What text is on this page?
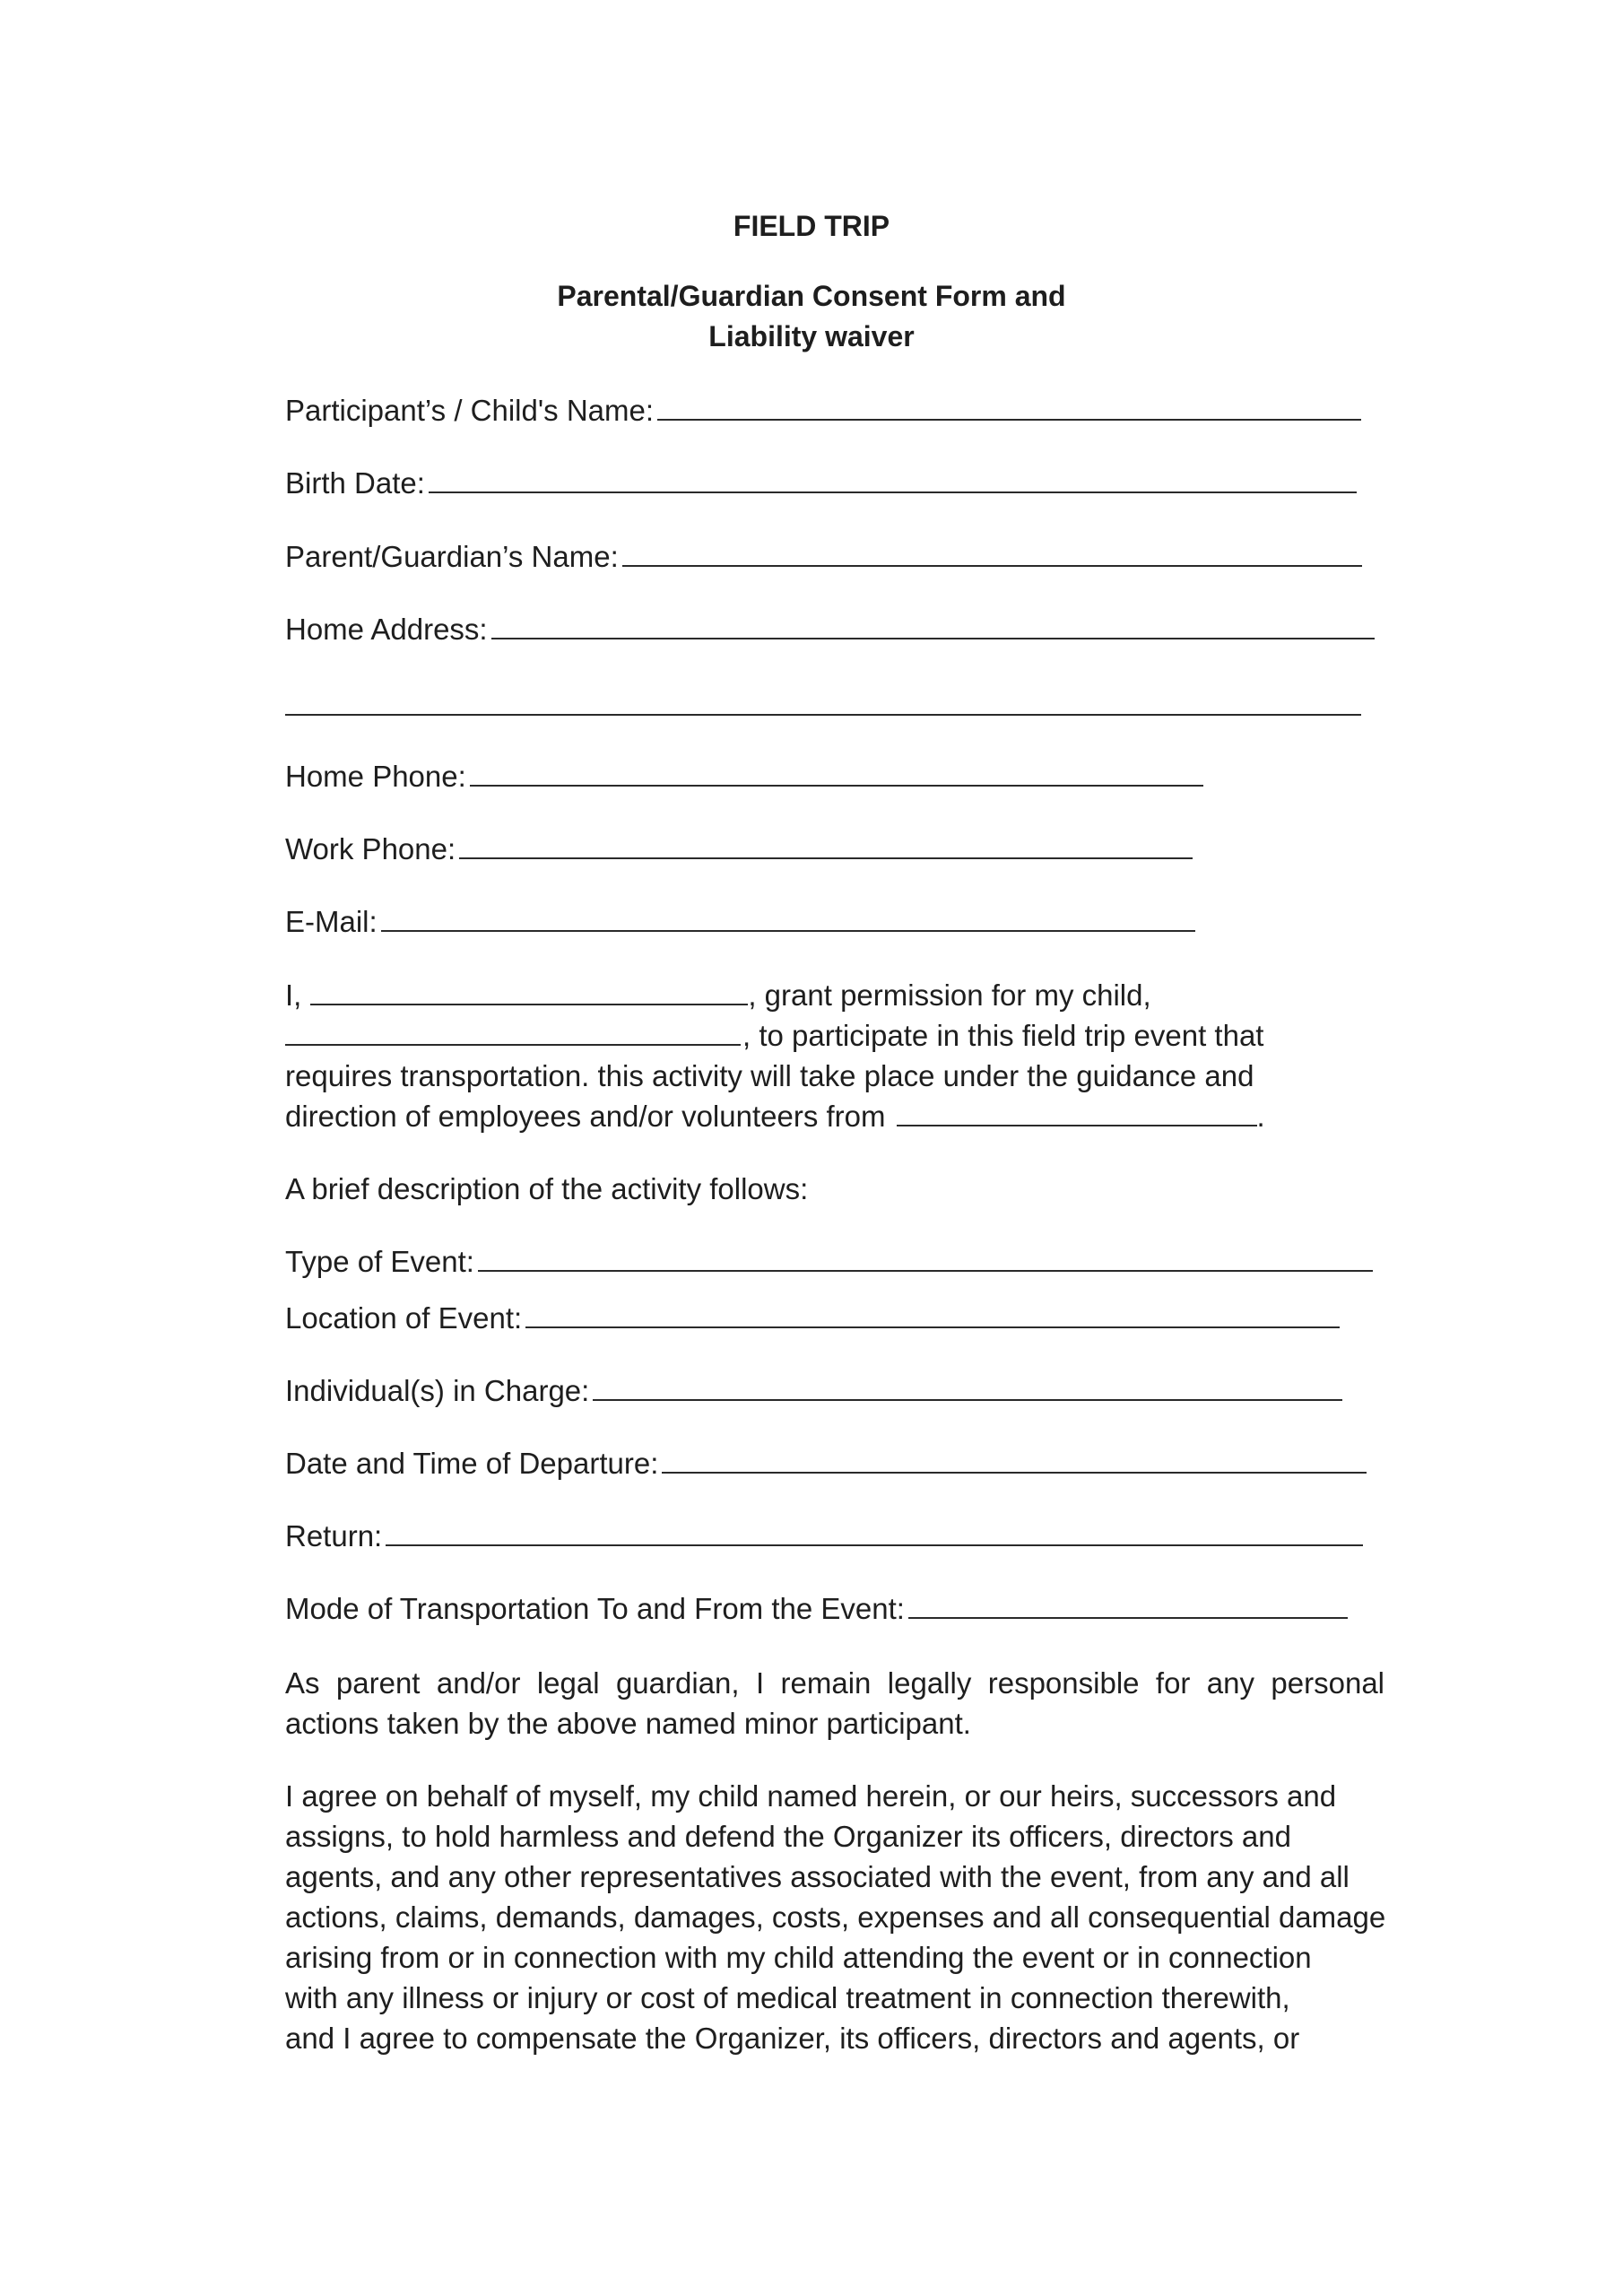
FIELD TRIP
Parental/Guardian Consent Form and
Liability waiver
Participant’s / Child's Name:
Birth Date:
Parent/Guardian’s Name:
Home Address:
Home Phone:
Work Phone:
E-Mail:
I,	, grant permission for my child,
, to participate in this field trip event that
requires transportation. this activity will take place under the guidance and
direction of employees and/or volunteers from	.
A brief description of the activity follows:
Type of Event:
Location of Event:
Individual(s) in Charge:
Date and Time of Departure:
Return:
Mode of Transportation To and From the Event:
As parent and/or legal guardian, I remain legally responsible for any personal actions taken by the above named minor participant.
I agree on behalf of myself, my child named herein, or our heirs, successors and
assigns, to hold harmless and defend the Organizer its officers, directors and
agents, and any other representatives associated with the event, from any and all
actions, claims, demands, damages, costs, expenses and all consequential damage
arising from or in connection with my child attending the event or in connection
with any illness or injury or cost of medical treatment in connection therewith,
and I agree to compensate the Organizer, its officers, directors and agents, or
